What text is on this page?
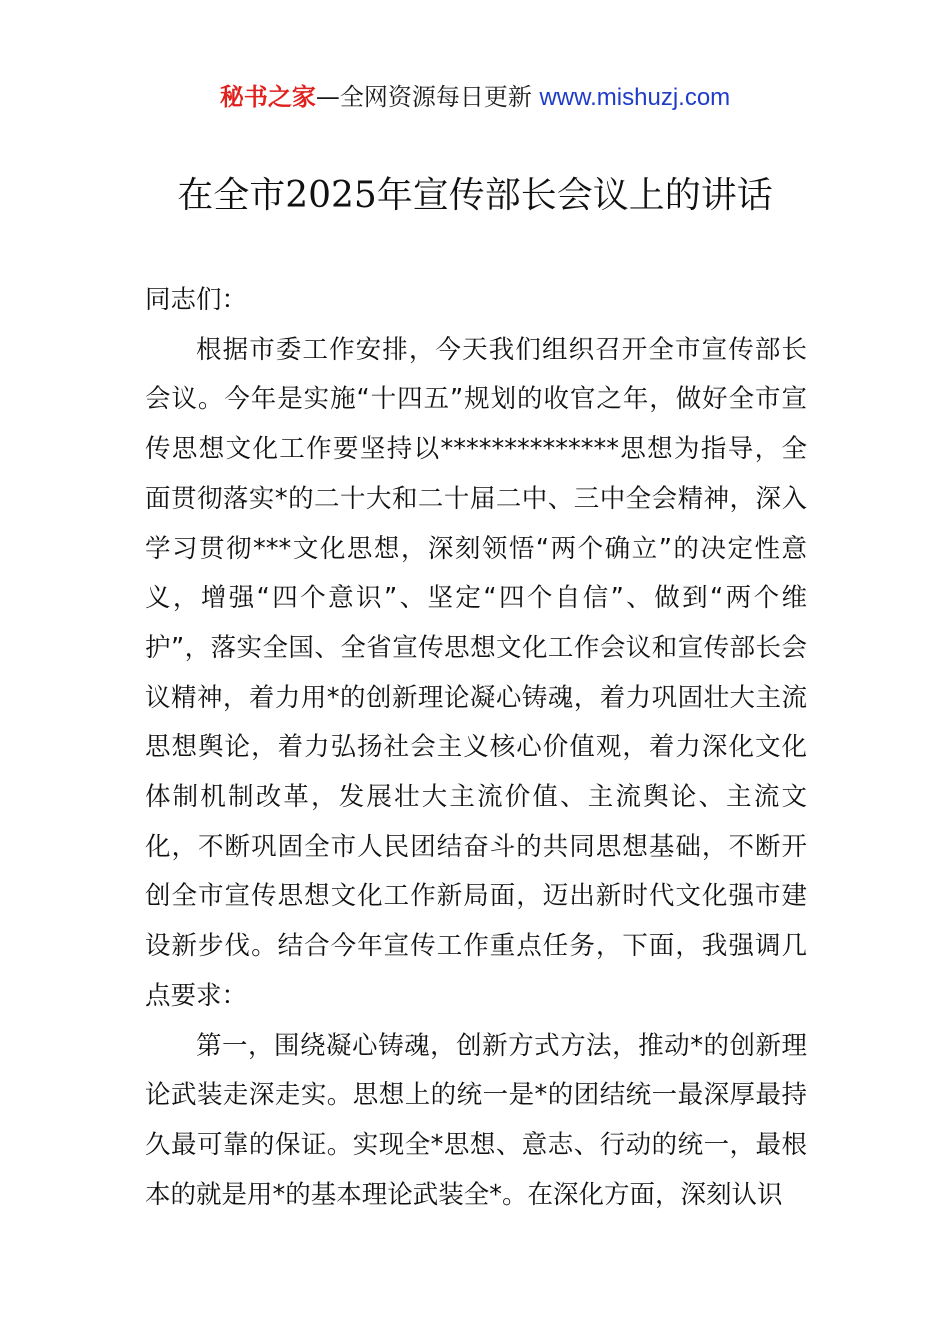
秘书之家—全网资源每日更新 www.mishuzj.com
在全市2025年宣传部长会议上的讲话

同志们：

根据市委工作安排，今天我们组织召开全市宣传部长会议。今年是实施“十四五”规划的收官之年，做好全市宣传思想文化工作要坚持以**************思想为指导，全面贯彻落实*的二十大和二十届二中、三中全会精神，深入学习贯彻***文化思想，深刻领悟“两个确立”的决定性意义，增强“四个意识”、坚定“四个自信”、做到“两个维护”，落实全国、全省宣传思想文化工作会议和宣传部长会议精神，着力用*的创新理论凝心铸魂，着力巩固壮大主流思想舆论，着力弘扬社会主义核心价值观，着力深化文化体制机制改革，发展壮大主流价值、主流舆论、主流文化，不断巩固全市人民团结奋斗的共同思想基础，不断开创全市宣传思想文化工作新局面，迈出新时代文化强市建设新步伐。结合今年宣传工作重点任务，下面，我强调几点要求：

第一，围绕凝心铸魂，创新方式方法，推动*的创新理论武装走深走实。思想上的统一是*的团结统一最深厚最持久最可靠的保证。实现全*思想、意志、行动的统一，最根本的就是用*的基本理论武装全*。在深化方面，深刻认识
